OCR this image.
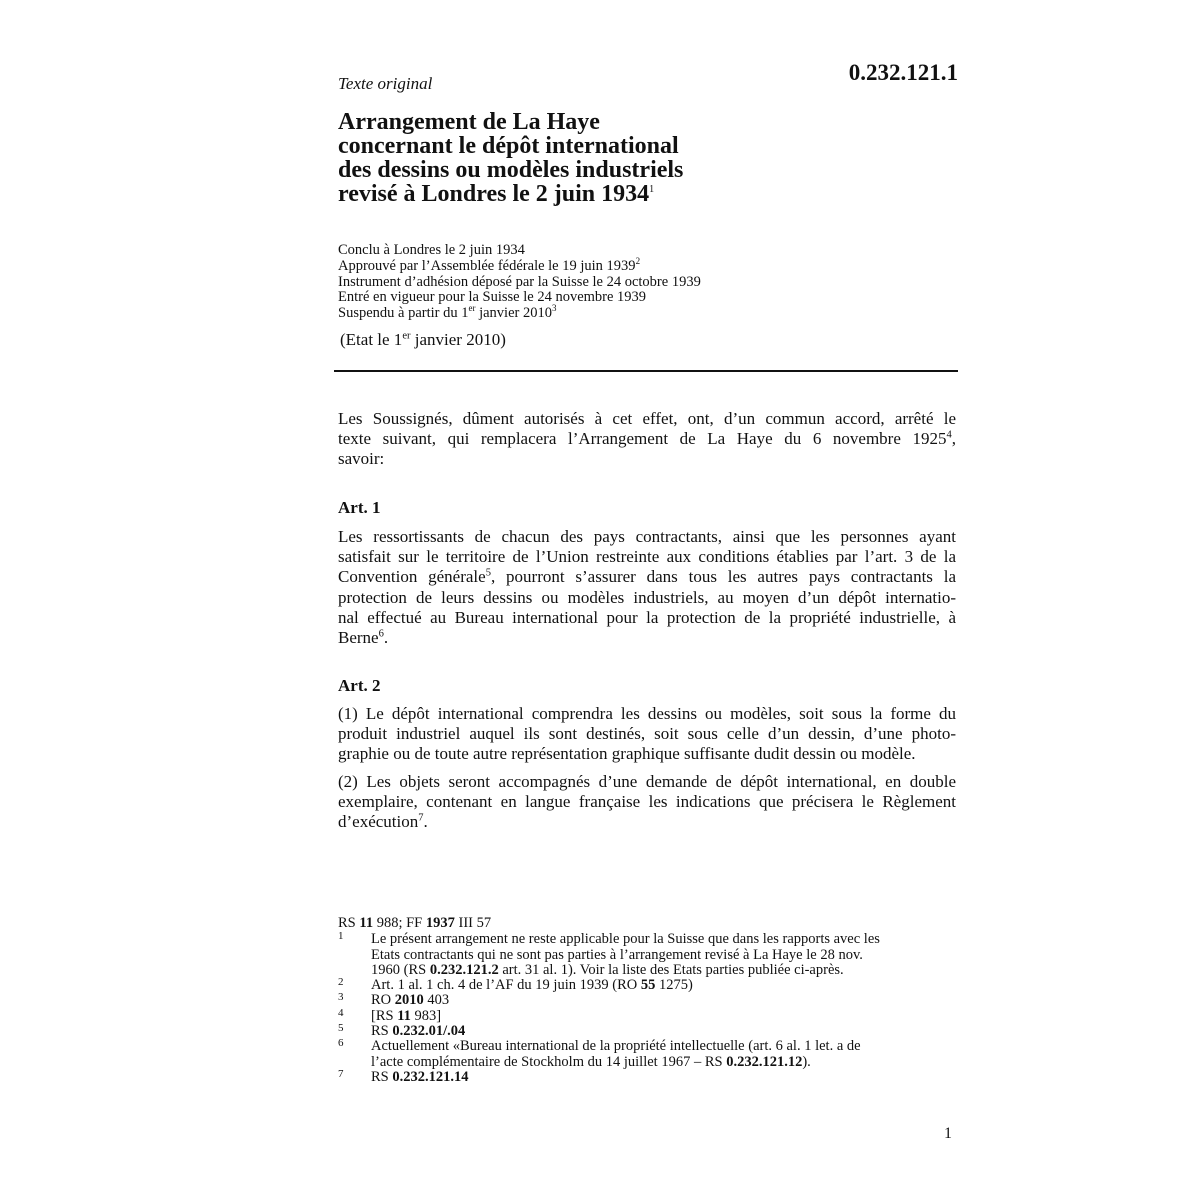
Texte original	0.232.121.1
Arrangement de La Haye
concernant le dépôt international
des dessins ou modèles industriels
revisé à Londres le 2 juin 1934$^1$
Conclu à Londres le 2 juin 1934
Approuvé par l’Assemblée fédérale le 19 juin 1939$^2$
Instrument d’adhésion déposé par la Suisse le 24 octobre 1939
Entré en vigueur pour la Suisse le 24 novembre 1939
Suspendu à partir du 1er janvier 2010$^3$
(Etat le 1er janvier 2010)
Les Soussignés, dûment autorisés à cet effet, ont, d’un commun accord, arrêté le
texte suivant, qui remplacera l’Arrangement de La Haye du 6 novembre 1925$^4$,
savoir:
Art. 1
Les ressortissants de chacun des pays contractants, ainsi que les personnes ayant
satisfait sur le territoire de l’Union restreinte aux conditions établies par l’art. 3 de la
Convention générale$^5$, pourront s’assurer dans tous les autres pays contractants la
protection de leurs dessins ou modèles industriels, au moyen d’un dépôt internatio-
nal effectué au Bureau international pour la protection de la propriété industrielle, à
Berne$^6$.
Art. 2
(1) Le dépôt international comprendra les dessins ou modèles, soit sous la forme du
produit industriel auquel ils sont destinés, soit sous celle d’un dessin, d’une photo-
graphie ou de toute autre représentation graphique suffisante dudit dessin ou modèle.
(2) Les objets seront accompagnés d’une demande de dépôt international, en double
exemplaire, contenant en langue française les indications que précisera le Règlement
d’exécution$^7$.
RS 11 988; FF 1937 III 57
1 Le présent arrangement ne reste applicable pour la Suisse que dans les rapports avec les
Etats contractants qui ne sont pas parties à l’arrangement revisé à La Haye le 28 nov.
1960 (RS 0.232.121.2 art. 31 al. 1). Voir la liste des Etats parties publiée ci-après.
2 Art. 1 al. 1 ch. 4 de l’AF du 19 juin 1939 (RO 55 1275)
3 RO 2010 403
4 [RS 11 983]
5 RS 0.232.01/.04
6 Actuellement «Bureau international de la propriété intellectuelle (art. 6 al. 1 let. a de
l’acte complémentaire de Stockholm du 14 juillet 1967 – RS 0.232.121.12).
7 RS 0.232.121.14
1
